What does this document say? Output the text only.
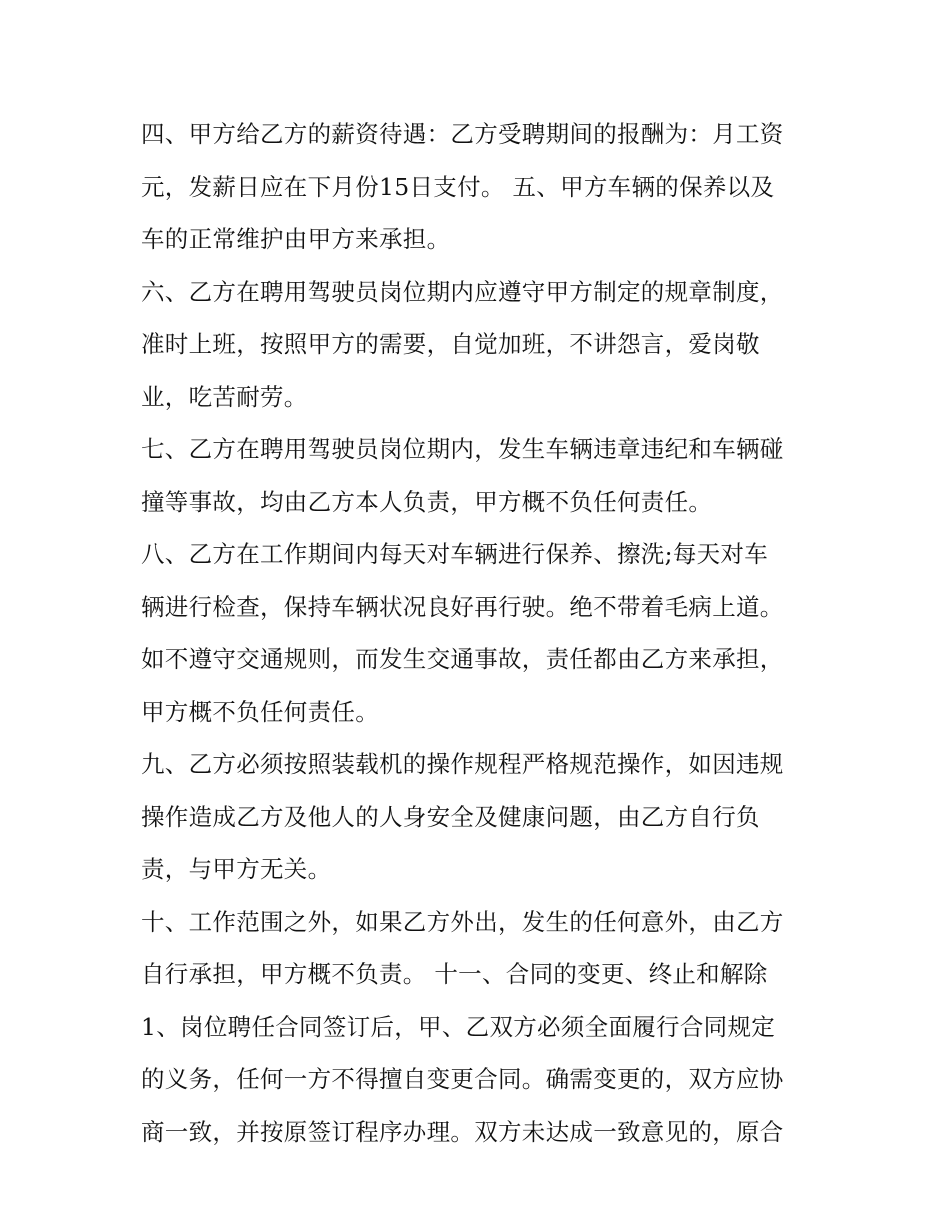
四、甲方给乙方的薪资待遇：乙方受聘期间的报酬为：月工资
元，发薪日应在下月份15日支付。 五、甲方车辆的保养以及
车的正常维护由甲方来承担。
六、乙方在聘用驾驶员岗位期内应遵守甲方制定的规章制度，
准时上班，按照甲方的需要，自觉加班，不讲怨言，爱岗敬
业，吃苦耐劳。
七、乙方在聘用驾驶员岗位期内，发生车辆违章违纪和车辆碰
撞等事故，均由乙方本人负责，甲方概不负任何责任。
八、乙方在工作期间内每天对车辆进行保养、擦洗;每天对车
辆进行检查，保持车辆状况良好再行驶。绝不带着毛病上道。
如不遵守交通规则，而发生交通事故，责任都由乙方来承担，
甲方概不负任何责任。
九、乙方必须按照装载机的操作规程严格规范操作，如因违规
操作造成乙方及他人的人身安全及健康问题，由乙方自行负
责，与甲方无关。
十、工作范围之外，如果乙方外出，发生的任何意外，由乙方
自行承担，甲方概不负责。 十一、合同的变更、终止和解除
1、岗位聘任合同签订后，甲、乙双方必须全面履行合同规定
的义务，任何一方不得擅自变更合同。确需变更的，双方应协
商一致，并按原签订程序办理。双方未达成一致意见的，原合
